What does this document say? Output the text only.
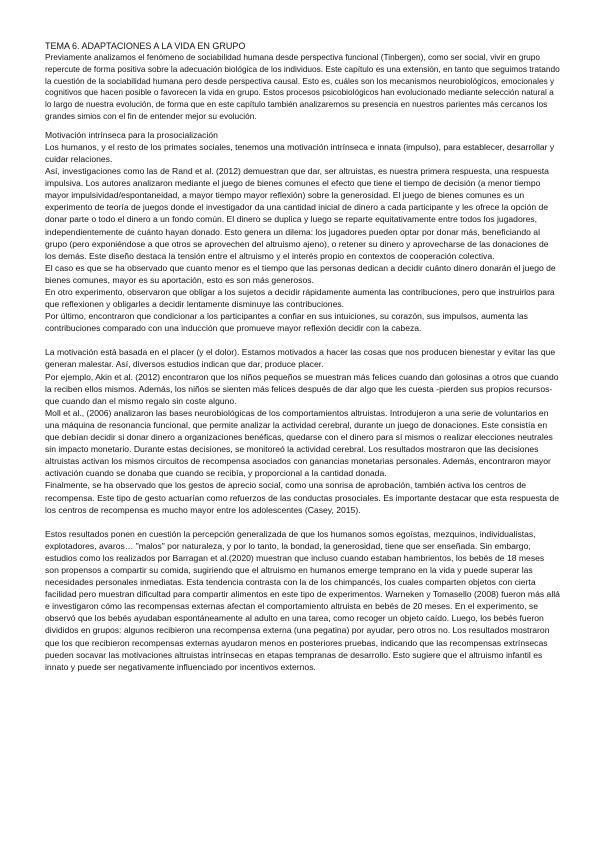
TEMA 6. ADAPTACIONES A LA VIDA EN GRUPO

Previamente analizamos el fenómeno de sociabilidad humana desde perspectiva funcional (Tinbergen), como ser social, vivir en grupo repercute de forma positiva sobre la adecuación biológica de los individuos. Este capítulo es una extensión, en tanto que seguimos tratando la cuestión de la sociabilidad humana pero desde perspectiva causal. Esto es, cuáles son los mecanismos neurobiológicos, emocionales y cognitivos que hacen posible o favorecen la vida en grupo. Estos procesos psicobiológicos han evolucionado mediante selección natural a lo largo de nuestra evolución, de forma que en este capítulo también analizaremos su presencia en nuestros parientes más cercanos los grandes simios con el fin de entender mejor su evolución.

Motivación intrínseca para la prosocialización

Los humanos, y el resto de los primates sociales, tenemos una motivación intrínseca e innata (impulso), para establecer, desarrollar y cuidar relaciones.

Así, investigaciones como las de Rand et al. (2012) demuestran que dar, ser altruistas, es nuestra primera respuesta, una respuesta impulsiva. Los autores analizaron mediante el juego de bienes comunes el efecto que tiene el tiempo de decisión (a menor tiempo mayor impulsividad/espontaneidad, a mayor tiempo mayor reflexión) sobre la generosidad. El juego de bienes comunes es un experimento de teoría de juegos donde el investigador da una cantidad inicial de dinero a cada participante y les ofrece la opción de donar parte o todo el dinero a un fondo común. El dinero se duplica y luego se reparte equitativamente entre todos los jugadores, independientemente de cuánto hayan donado. Esto genera un dilema: los jugadores pueden optar por donar más, beneficiando al grupo (pero exponiéndose a que otros se aprovechen del altruismo ajeno), o retener su dinero y aprovecharse de las donaciones de los demás. Este diseño destaca la tensión entre el altruismo y el interés propio en contextos de cooperación colectiva.

El caso es que se ha observado que cuanto menor es el tiempo que las personas dedican a decidir cuánto dinero donarán el juego de bienes comunes, mayor es su aportación, esto es son más generosos.

En otro experimento, observaron que obligar a los sujetos a decidir rápidamente aumenta las contribuciones, pero que instruirlos para que reflexionen y obligarles a decidir lentamente disminuye las contribuciones.

Por último, encontraron que condicionar a los participantes a confiar en sus intuiciones, su corazón, sus impulsos, aumenta las contribuciones comparado con una inducción que promueve mayor reflexión decidir con la cabeza.

La motivación está basada en el placer (y el dolor). Estamos motivados a hacer las cosas que nos producen bienestar y evitar las que generan malestar. Así, diversos estudios indican que dar, produce placer.

Por ejemplo, Akin et al. (2012) encontraron que los niños pequeños se muestran más felices cuando dan golosinas a otros que cuando la reciben ellos mismos. Además, los niños se sienten más felices después de dar algo que les cuesta -pierden sus propios recursos- que cuando dan el mismo regalo sin coste alguno.

Moll et al., (2006) analizaron las bases neurobiológicas de los comportamientos altruistas. Introdujeron a una serie de voluntarios en una máquina de resonancia funcional, que permite analizar la actividad cerebral, durante un juego de donaciones. Este consistía en que debían decidir si donar dinero a organizaciones benéficas, quedarse con el dinero para sí mismos o realizar elecciones neutrales sin impacto monetario. Durante estas decisiones, se monitoreó la actividad cerebral. Los resultados mostraron que las decisiones altruistas activan los mismos circuitos de recompensa asociados con ganancias monetarias personales. Además, encontraron mayor activación cuando se donaba que cuando se recibía, y proporcional a la cantidad donada.

Finalmente, se ha observado que los gestos de aprecio social, como una sonrisa de aprobación, también activa los centros de recompensa. Este tipo de gesto actuarían como refuerzos de las conductas prosociales. Es importante destacar que esta respuesta de los centros de recompensa es mucho mayor entre los adolescentes (Casey, 2015).

Estos resultados ponen en cuestión la percepción generalizada de que los humanos somos egoístas, mezquinos, individualistas, explotadores, avaros… "malos" por naturaleza, y por lo tanto, la bondad, la generosidad, tiene que ser enseñada. Sin embargo, estudios como los realizados por Barragan et al.(2020) muestran que incluso cuando estaban hambrientos, los bebés de 18 meses son propensos a compartir su comida, sugiriendo que el altruismo en humanos emerge temprano en la vida y puede superar las necesidades personales inmediatas. Esta tendencia contrasta con la de los chimpancés, los cuales comparten objetos con cierta facilidad pero muestran dificultad para compartir alimentos en este tipo de experimentos. Warneken y Tomasello (2008) fueron más allá e investigaron cómo las recompensas externas afectan el comportamiento altruista en bebés de 20 meses. En el experimento, se observó que los bebés ayudaban espontáneamente al adulto en una tarea, como recoger un objeto caído. Luego, los bebés fueron divididos en grupos: algunos recibieron una recompensa externa (una pegatina) por ayudar, pero otros no. Los resultados mostraron que los que recibieron recompensas externas ayudaron menos en posteriores pruebas, indicando que las recompensas extrínsecas pueden socavar las motivaciones altruistas intrínsecas en etapas tempranas de desarrollo. Esto sugiere que el altruismo infantil es innato y puede ser negativamente influenciado por incentivos externos.
